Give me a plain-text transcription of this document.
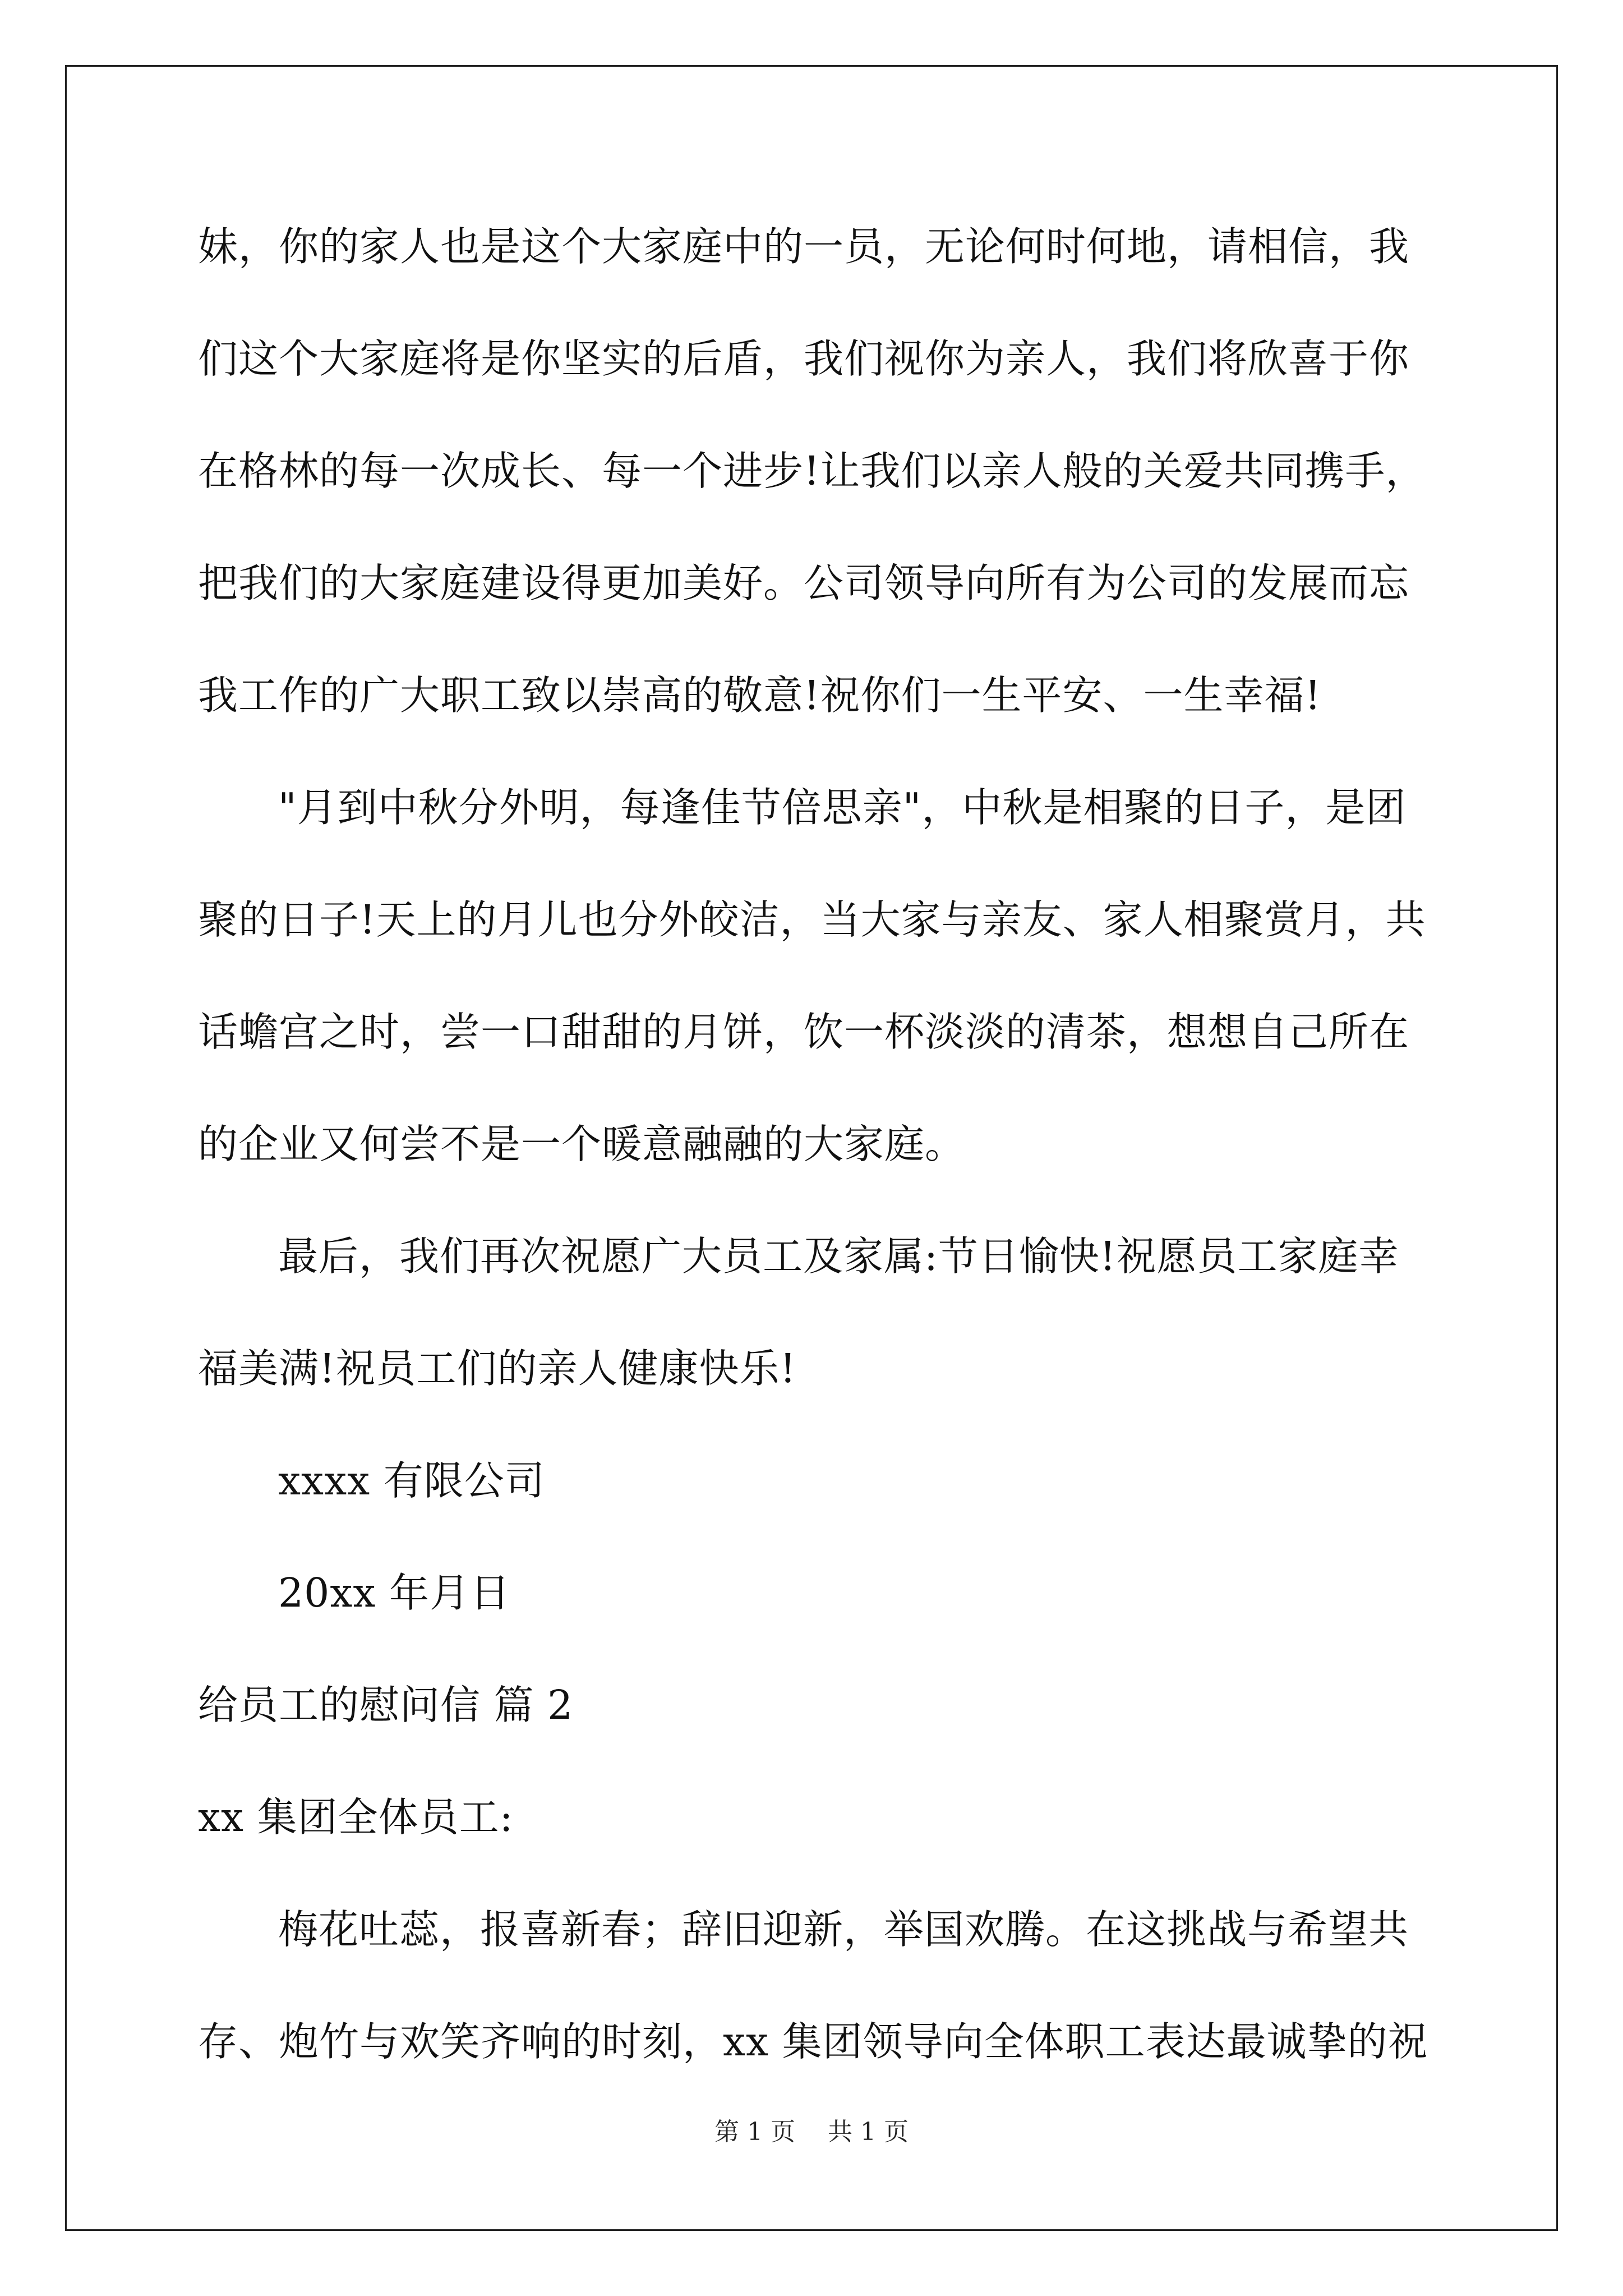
妹，你的家人也是这个大家庭中的一员，无论何时何地，请相信，我
们这个大家庭将是你坚实的后盾，我们视你为亲人，我们将欣喜于你
在格林的每一次成长、每一个进步!让我们以亲人般的关爱共同携手，
把我们的大家庭建设得更加美好。公司领导向所有为公司的发展而忘
我工作的广大职工致以崇高的敬意!祝你们一生平安、一生幸福!
"月到中秋分外明，每逢佳节倍思亲"，中秋是相聚的日子，是团
聚的日子!天上的月儿也分外皎洁，当大家与亲友、家人相聚赏月，共
话蟾宫之时，尝一口甜甜的月饼，饮一杯淡淡的清茶，想想自己所在
的企业又何尝不是一个暖意融融的大家庭。
最后，我们再次祝愿广大员工及家属:节日愉快!祝愿员工家庭幸
福美满!祝员工们的亲人健康快乐!
xxxx 有限公司
20xx 年月日
给员工的慰问信 篇 2
xx 集团全体员工:
梅花吐蕊，报喜新春；辞旧迎新，举国欢腾。在这挑战与希望共
存、炮竹与欢笑齐响的时刻，xx 集团领导向全体职工表达最诚挚的祝
第 1 页 共 1 页
